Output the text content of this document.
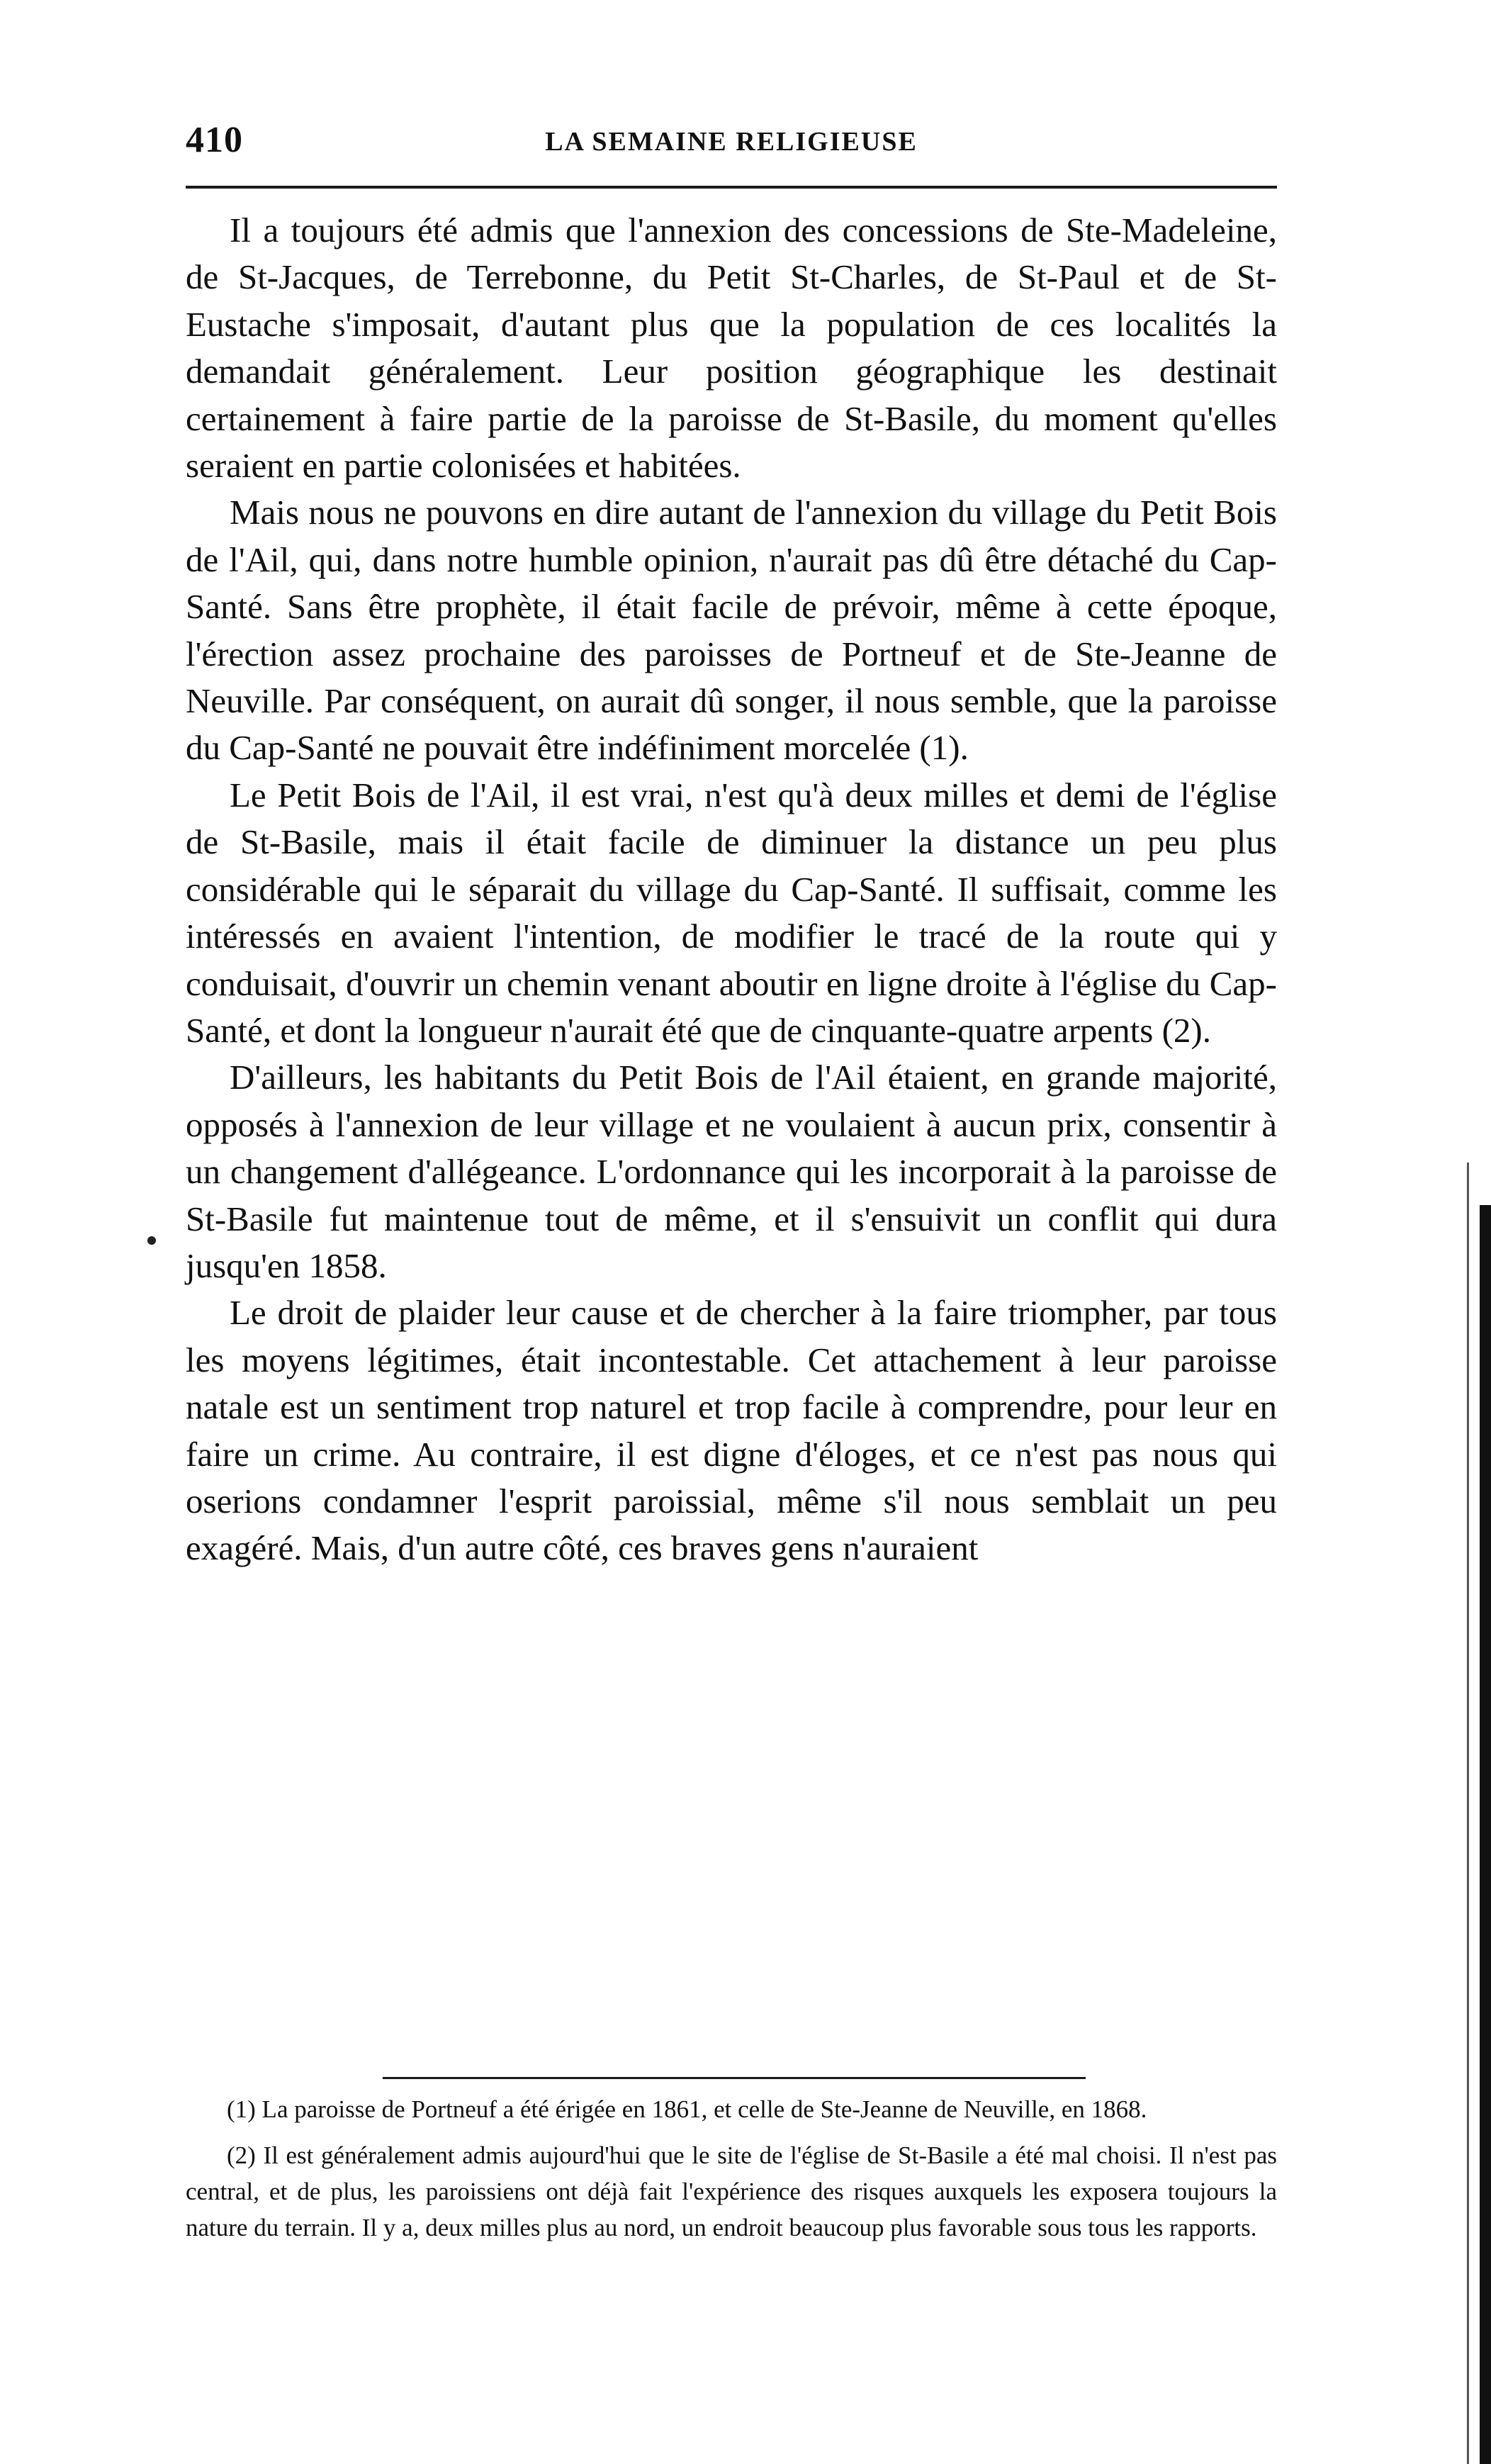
410	LA SEMAINE RELIGIEUSE

Il a toujours été admis que l'annexion des concessions de Ste-Madeleine, de St-Jacques, de Terrebonne, du Petit St-Charles, de St-Paul et de St-Eustache s'imposait, d'autant plus que la population de ces localités la demandait généralement. Leur position géographique les destinait certainement à faire partie de la paroisse de St-Basile, du moment qu'elles seraient en partie colonisées et habitées.

Mais nous ne pouvons en dire autant de l'annexion du village du Petit Bois de l'Ail, qui, dans notre humble opinion, n'aurait pas dû être détaché du Cap-Santé. Sans être prophète, il était facile de prévoir, même à cette époque, l'érection assez prochaine des paroisses de Portneuf et de Ste-Jeanne de Neuville. Par conséquent, on aurait dû songer, il nous semble, que la paroisse du Cap-Santé ne pouvait être indéfiniment morcelée (1).

Le Petit Bois de l'Ail, il est vrai, n'est qu'à deux milles et demi de l'église de St-Basile, mais il était facile de diminuer la distance un peu plus considérable qui le séparait du village du Cap-Santé. Il suffisait, comme les intéressés en avaient l'intention, de modifier le tracé de la route qui y conduisait, d'ouvrir un chemin venant aboutir en ligne droite à l'église du Cap-Santé, et dont la longueur n'aurait été que de cinquante-quatre arpents (2).

D'ailleurs, les habitants du Petit Bois de l'Ail étaient, en grande majorité, opposés à l'annexion de leur village et ne voulaient à aucun prix, consentir à un changement d'allégeance. L'ordonnance qui les incorporait à la paroisse de St-Basile fut maintenue tout de même, et il s'ensuivit un conflit qui dura jusqu'en 1858.

Le droit de plaider leur cause et de chercher à la faire triompher, par tous les moyens légitimes, était incontestable. Cet attachement à leur paroisse natale est un sentiment trop naturel et trop facile à comprendre, pour leur en faire un crime. Au contraire, il est digne d'éloges, et ce n'est pas nous qui oserions condamner l'esprit paroissial, même s'il nous semblait un peu exagéré. Mais, d'un autre côté, ces braves gens n'auraient

(1) La paroisse de Portneuf a été érigée en 1861, et celle de Ste-Jeanne de Neuville, en 1868.

(2) Il est généralement admis aujourd'hui que le site de l'église de St-Basile a été mal choisi. Il n'est pas central, et de plus, les paroissiens ont déjà fait l'expérience des risques auxquels les exposera toujours la nature du terrain. Il y a, deux milles plus au nord, un endroit beaucoup plus favorable sous tous les rapports.
